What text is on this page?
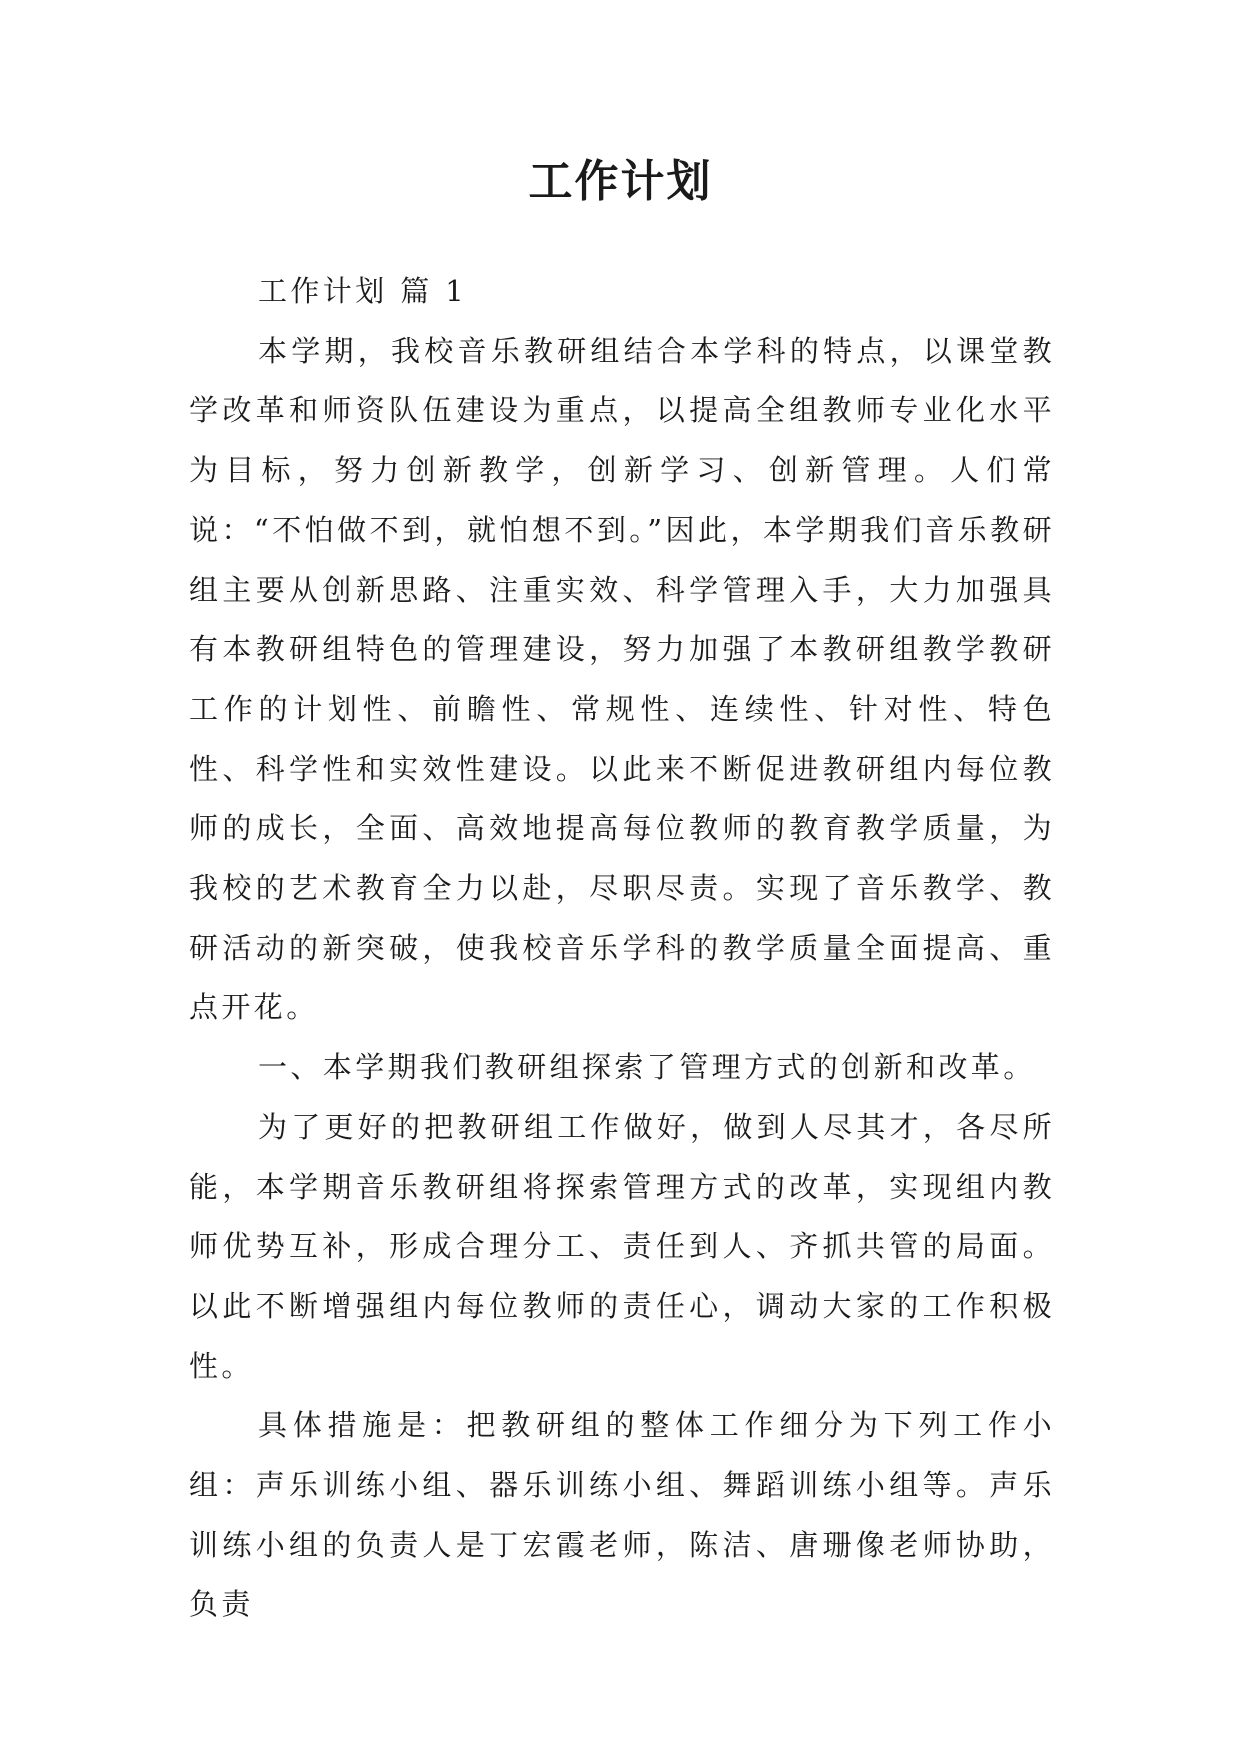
工作计划

工作计划 篇 1

本学期，我校音乐教研组结合本学科的特点，以课堂教学改革和师资队伍建设为重点，以提高全组教师专业化水平为目标，努力创新教学，创新学习、创新管理。人们常说：“不怕做不到，就怕想不到。”因此，本学期我们音乐教研组主要从创新思路、注重实效、科学管理入手，大力加强具有本教研组特色的管理建设，努力加强了本教研组教学教研工作的计划性、前瞻性、常规性、连续性、针对性、特色性、科学性和实效性建设。以此来不断促进教研组内每位教师的成长，全面、高效地提高每位教师的教育教学质量，为我校的艺术教育全力以赴，尽职尽责。实现了音乐教学、教研活动的新突破，使我校音乐学科的教学质量全面提高、重点开花。

一、本学期我们教研组探索了管理方式的创新和改革。

为了更好的把教研组工作做好，做到人尽其才，各尽所能，本学期音乐教研组将探索管理方式的改革，实现组内教师优势互补，形成合理分工、责任到人、齐抓共管的局面。以此不断增强组内每位教师的责任心，调动大家的工作积极性。

具体措施是：把教研组的整体工作细分为下列工作小组：声乐训练小组、器乐训练小组、舞蹈训练小组等。声乐训练小组的负责人是丁宏霞老师，陈洁、唐珊像老师协助，负责
